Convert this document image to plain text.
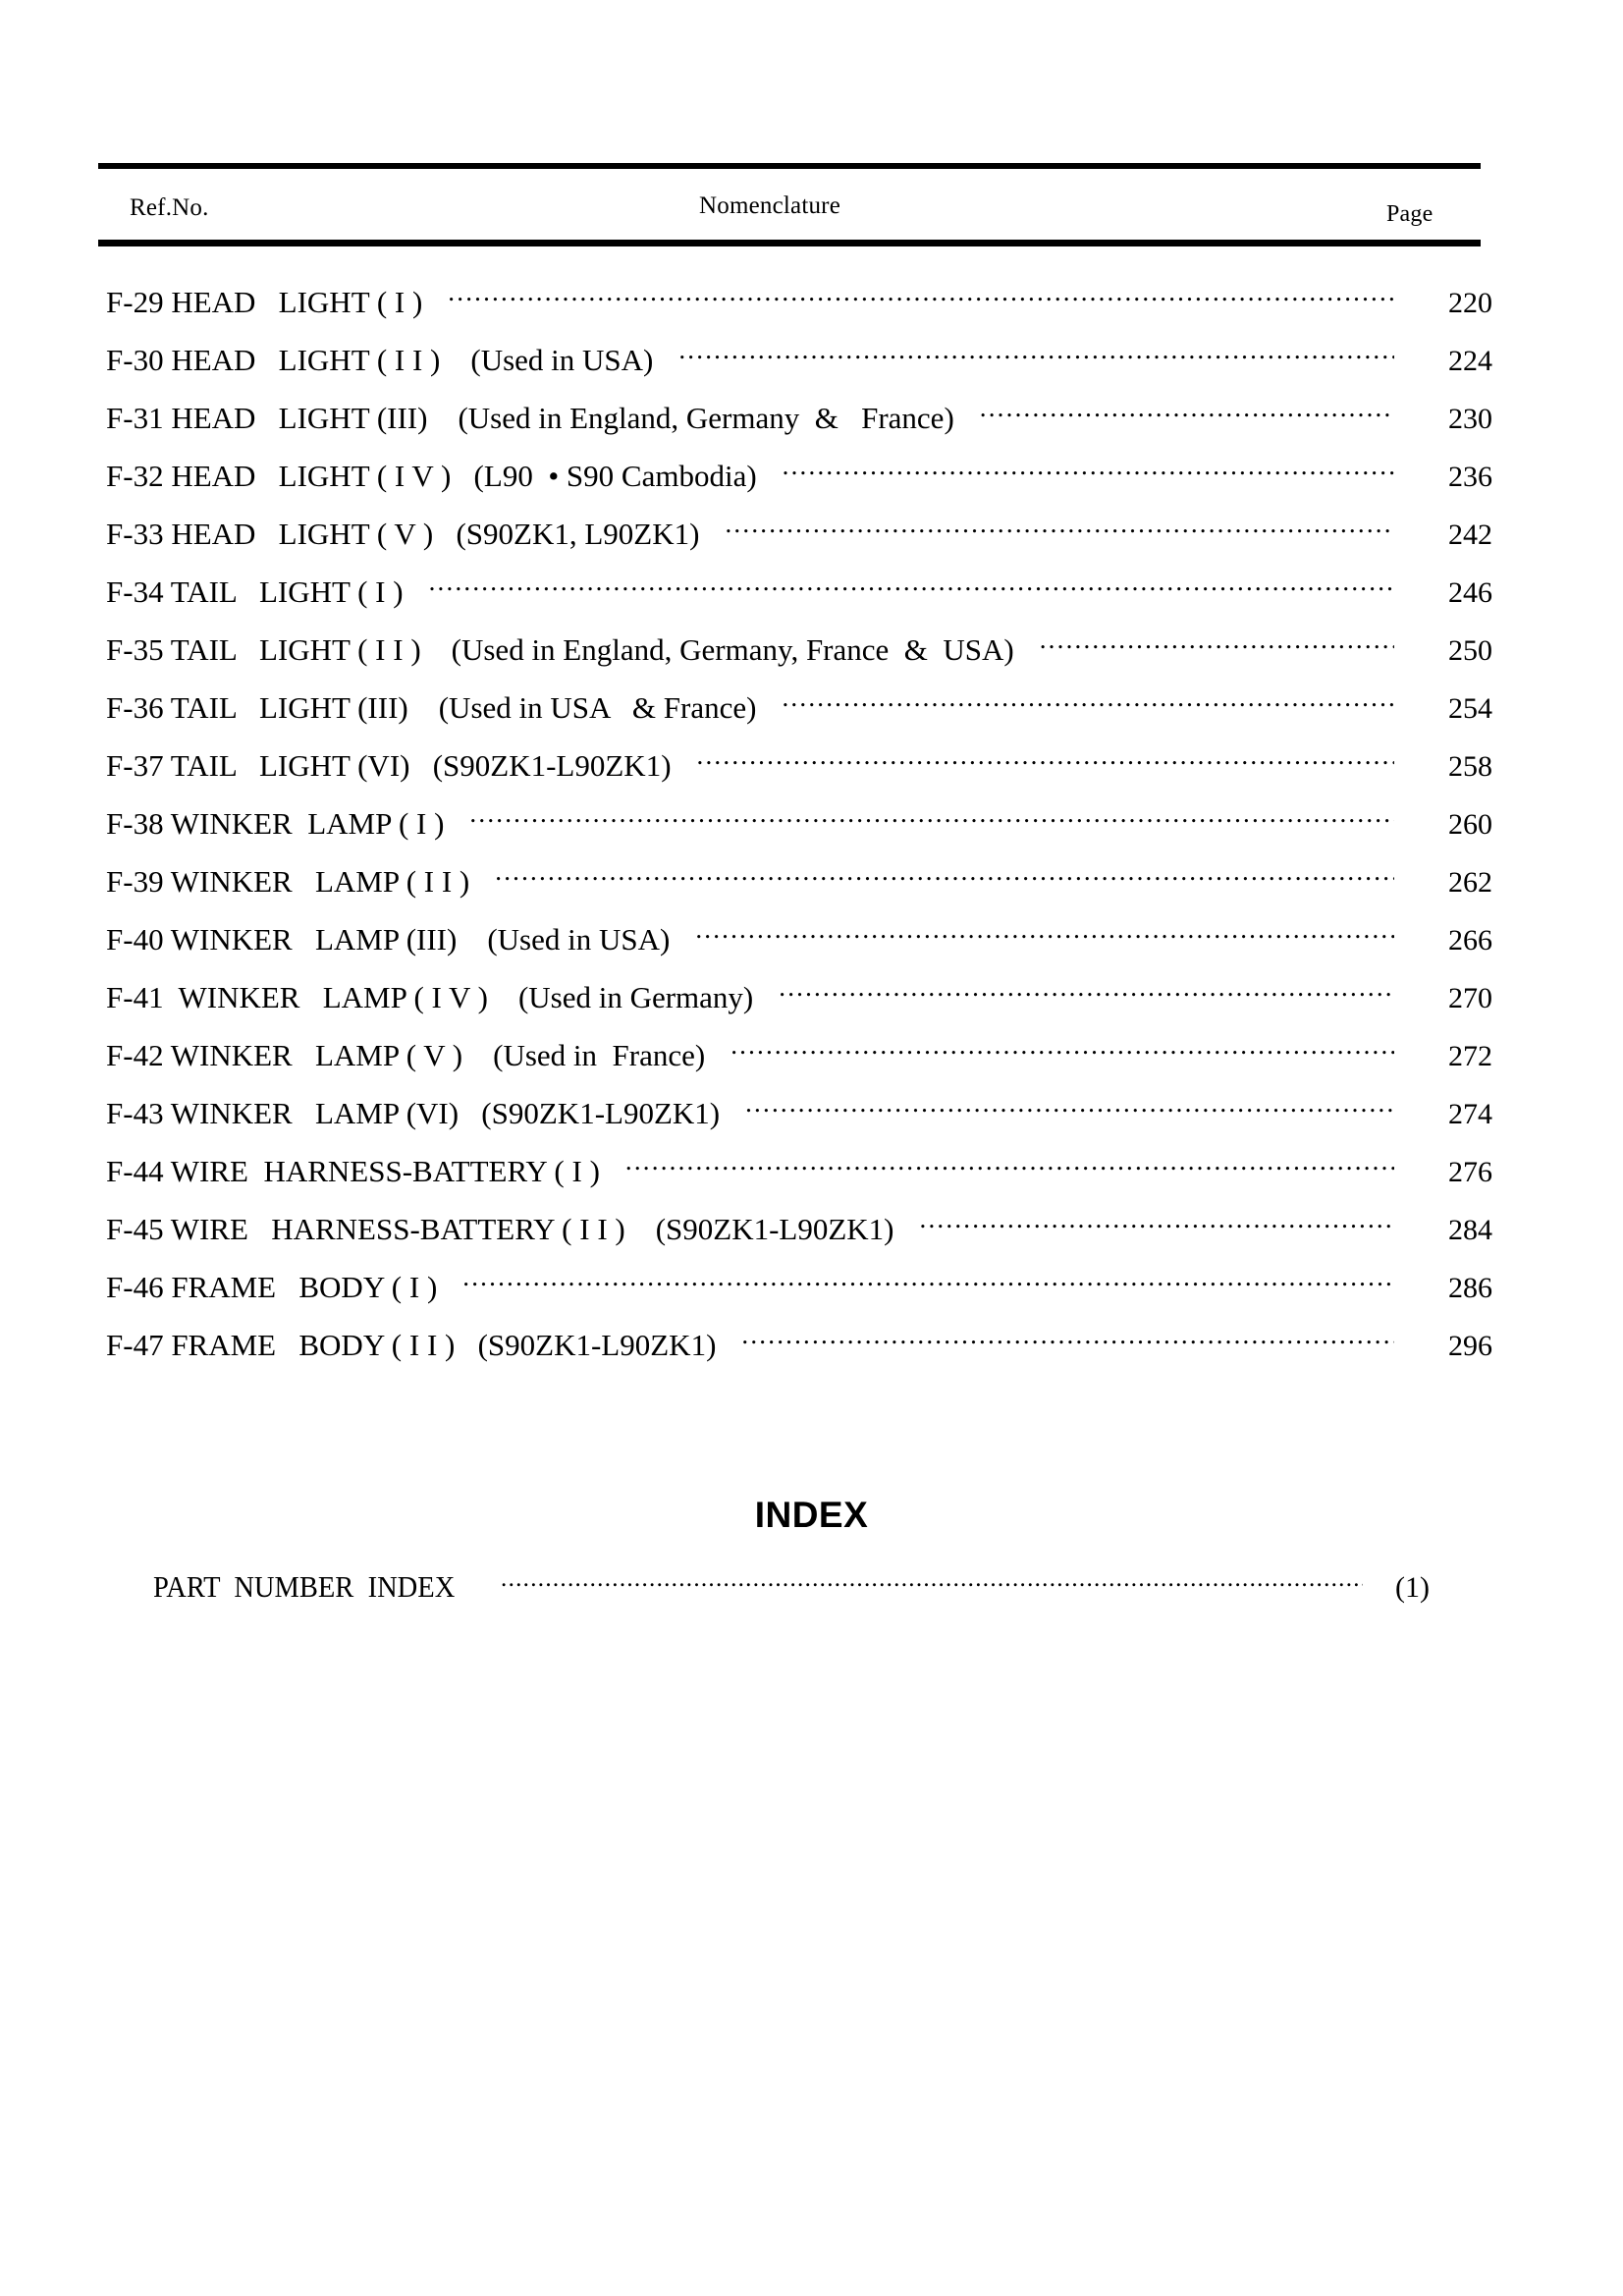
Ref.No.	Nomenclature	Page
F-29 HEAD   LIGHT ( I ) .....	220
F-30 HEAD   LIGHT ( I I )    (Used in USA) .....	224
F-31 HEAD   LIGHT (III)    (Used in England, Germany  &   France) .....	230
F-32 HEAD   LIGHT ( I V )   (L90  • S90 Cambodia) .....	236
F-33 HEAD   LIGHT ( V )   (S90ZK1, L90ZK1) .....	242
F-34 TAIL   LIGHT ( I ) .....	246
F-35 TAIL   LIGHT ( I I )    (Used in England, Germany, France  &  USA) .....	250
F-36 TAIL   LIGHT (III)    (Used in USA   & France) .....	254
F-37 TAIL   LIGHT (VI)   (S90ZK1-L90ZK1) .....	258
F-38 WINKER  LAMP ( I ) .....	260
F-39 WINKER   LAMP ( I I ) .....	262
F-40 WINKER   LAMP (III)    (Used in USA) .....	266
F-41  WINKER   LAMP ( I V )    (Used in Germany) .....	270
F-42 WINKER   LAMP ( V )    (Used in  France) .....	272
F-43 WINKER   LAMP (VI)   (S90ZK1-L90ZK1) .....	274
F-44 WIRE  HARNESS-BATTERY ( I ) .....	276
F-45 WIRE   HARNESS-BATTERY ( I I )    (S90ZK1-L90ZK1) .....	284
F-46 FRAME   BODY ( I ) .....	286
F-47 FRAME   BODY ( I I )   (S90ZK1-L90ZK1) .....	296
INDEX
PART  NUMBER  INDEX .....	(1)
